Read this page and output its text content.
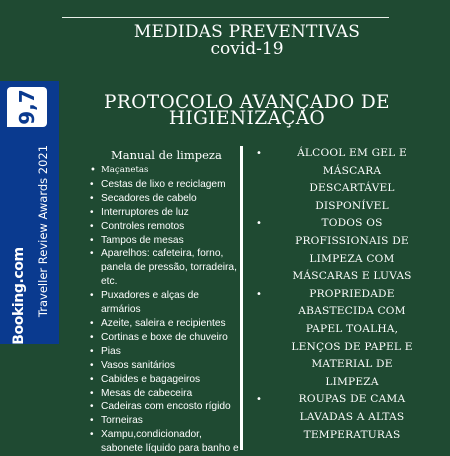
MEDIDAS PREVENTIVAS
covid-19
PROTOCOLO AVANÇADO DE
HIGIENIZAÇÃO
9,7
Booking.com Traveller Review Awards 2021	Manual de limpeza
• Maçanetas
• Cestas de lixo e reciclagem
• Secadores de cabelo
• Interruptores de luz
• Controles remotos
• Tampos de mesas
• Aparelhos: cafeteira, forno, panela de pressão, torradeira, etc.
• Puxadores e alças de armários
• Azeite, saleira e recipientes
• Cortinas e boxe de chuveiro
• Pias
• Vasos sanitários
• Cabides e bagageiros
• Mesas de cabeceira
• Cadeiras com encosto rígido
• Torneiras
• Xampu,condicionador, sabonete líquido para banho e
• ÁLCOOL EM GEL E
MÁSCARA
DESCARTÁVEL
DISPONÍVEL
• TODOS OS
PROFISSIONAIS DE
LIMPEZA COM
MÁSCARAS E LUVAS
• PROPRIEDADE
ABASTECIDA COM
PAPEL TOALHA,
LENÇOS DE PAPEL E
MATERIAL DE
LIMPEZA
• ROUPAS DE CAMA
LAVADAS A ALTAS
TEMPERATURAS
